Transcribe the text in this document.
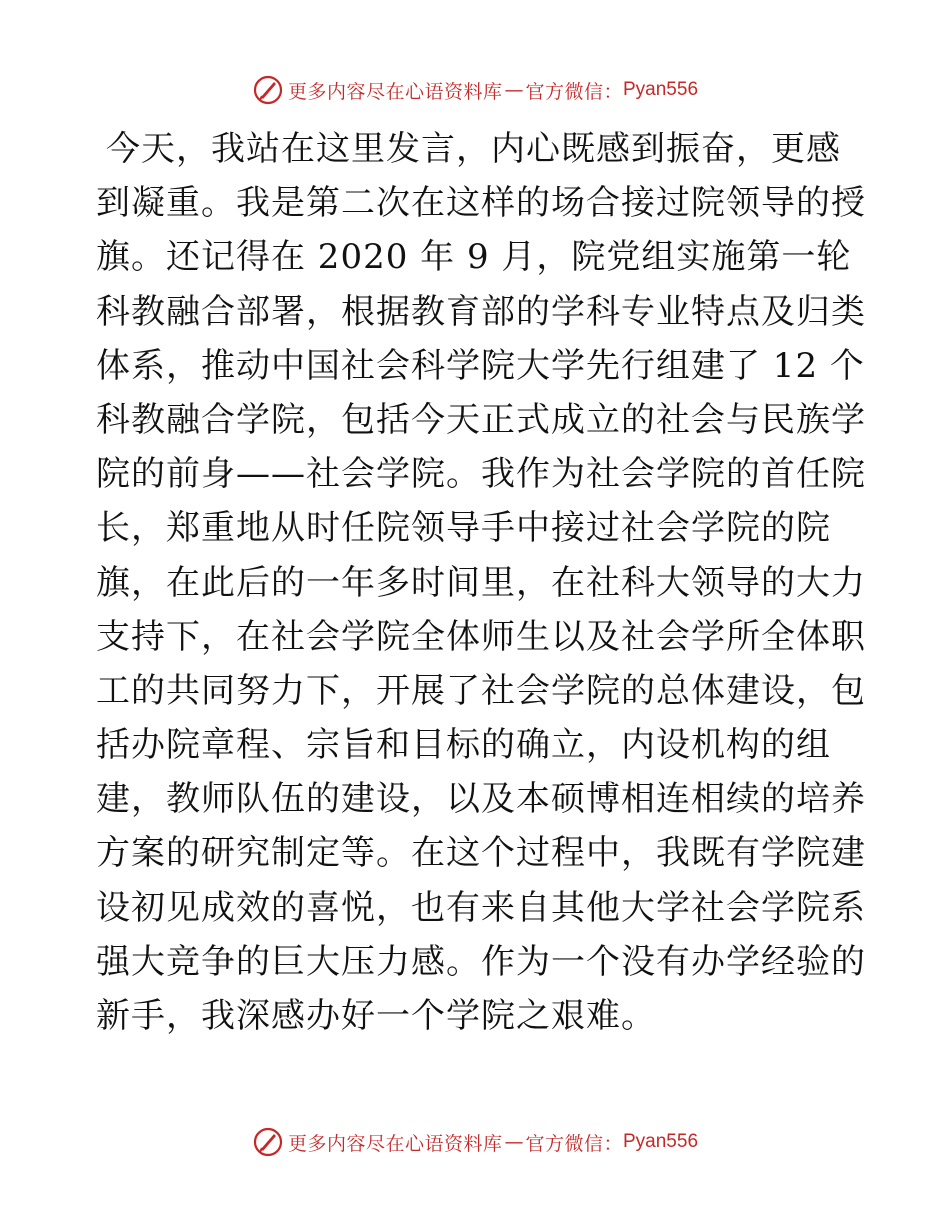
更多内容尽在心语资料库 — 官方微信： Pyan556
今天，我站在这里发言，内心既感到振奋，更感
到凝重。我是第二次在这样的场合接过院领导的授
旗。还记得在 2020 年 9 月，院党组实施第一轮
科教融合部署，根据教育部的学科专业特点及归类
体系，推动中国社会科学院大学先行组建了 12 个
科教融合学院，包括今天正式成立的社会与民族学
院的前身——社会学院。我作为社会学院的首任院
长，郑重地从时任院领导手中接过社会学院的院
旗，在此后的一年多时间里，在社科大领导的大力
支持下，在社会学院全体师生以及社会学所全体职
工的共同努力下，开展了社会学院的总体建设，包
括办院章程、宗旨和目标的确立，内设机构的组
建，教师队伍的建设，以及本硕博相连相续的培养
方案的研究制定等。在这个过程中，我既有学院建
设初见成效的喜悦，也有来自其他大学社会学院系
强大竞争的巨大压力感。作为一个没有办学经验的
新手，我深感办好一个学院之艰难。
更多内容尽在心语资料库 — 官方微信： Pyan556
